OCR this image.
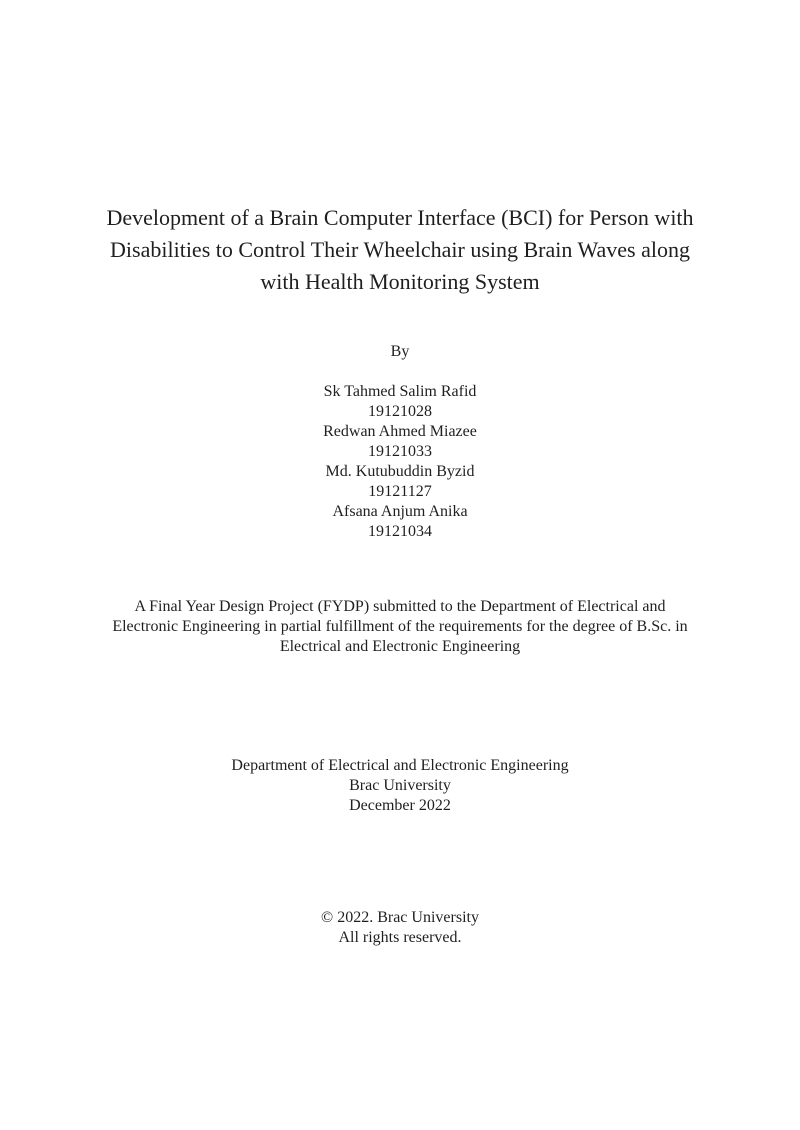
Development of a Brain Computer Interface (BCI) for Person with
Disabilities to Control Their Wheelchair using Brain Waves along
with Health Monitoring System
By
Sk Tahmed Salim Rafid
19121028
Redwan Ahmed Miazee
19121033
Md. Kutubuddin Byzid
19121127
Afsana Anjum Anika
19121034
A Final Year Design Project (FYDP) submitted to the Department of Electrical and
Electronic Engineering in partial fulfillment of the requirements for the degree of B.Sc. in
Electrical and Electronic Engineering
Department of Electrical and Electronic Engineering
Brac University
December 2022
© 2022. Brac University
All rights reserved.
